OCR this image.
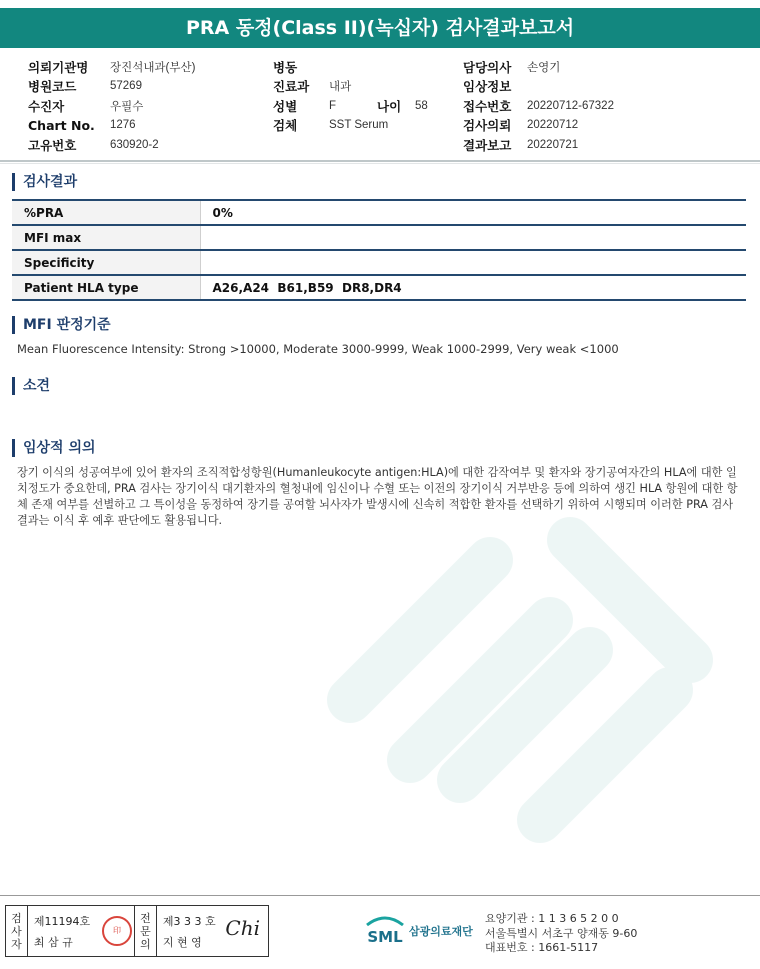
PRA 동정(Class II)(녹십자) 검사결과보고서
의뢰기관명	장진석내과(부산)
병원코드	57269
수진자	우필수
Chart No.	1276
고유번호	630920-2
병동
진료과	내과
성별	F	나이	58
검체	SST Serum
담당의사	손영기
임상정보
접수번호	20220712-67322
검사의뢰	20220712
결과보고	20220721
검사결과
%PRA	0%
MFI max	
Specificity	
Patient HLA type	A26,A24  B61,B59  DR8,DR4
MFI 판정기준
Mean Fluorescence Intensity: Strong >10000, Moderate 3000-9999, Weak 1000-2999, Very weak <1000
소견
임상적 의의
장기 이식의 성공여부에 있어 환자의 조직적합성항원(Humanleukocyte antigen:HLA)에 대한 감작여부 및 환자와 장기공여자간의 HLA에 대한 일치정도가 중요한데, PRA 검사는 장기이식 대기환자의 혈청내에 임신이나 수혈 또는 이전의 장기이식 거부반응 등에 의하여 생긴 HLA 항원에 대한 항체 존재 여부를 선별하고 그 특이성을 동정하여 장기를 공여할 뇌사자가 발생시에 신속히 적합한 환자를 선택하기 위하여 시행되며 이러한 PRA 검사결과는 이식 후 예후 판단에도 활용됩니다.
검
사
자
제11194호
최 삼 규
印
전
문
의
제3 3 3 호
지 현 영
Chi	SML 삼광의료재단
요양기관 : 1 1 3 6 5 2 0 0
서울특별시 서초구 양재동 9-60
대표번호 : 1661-5117
